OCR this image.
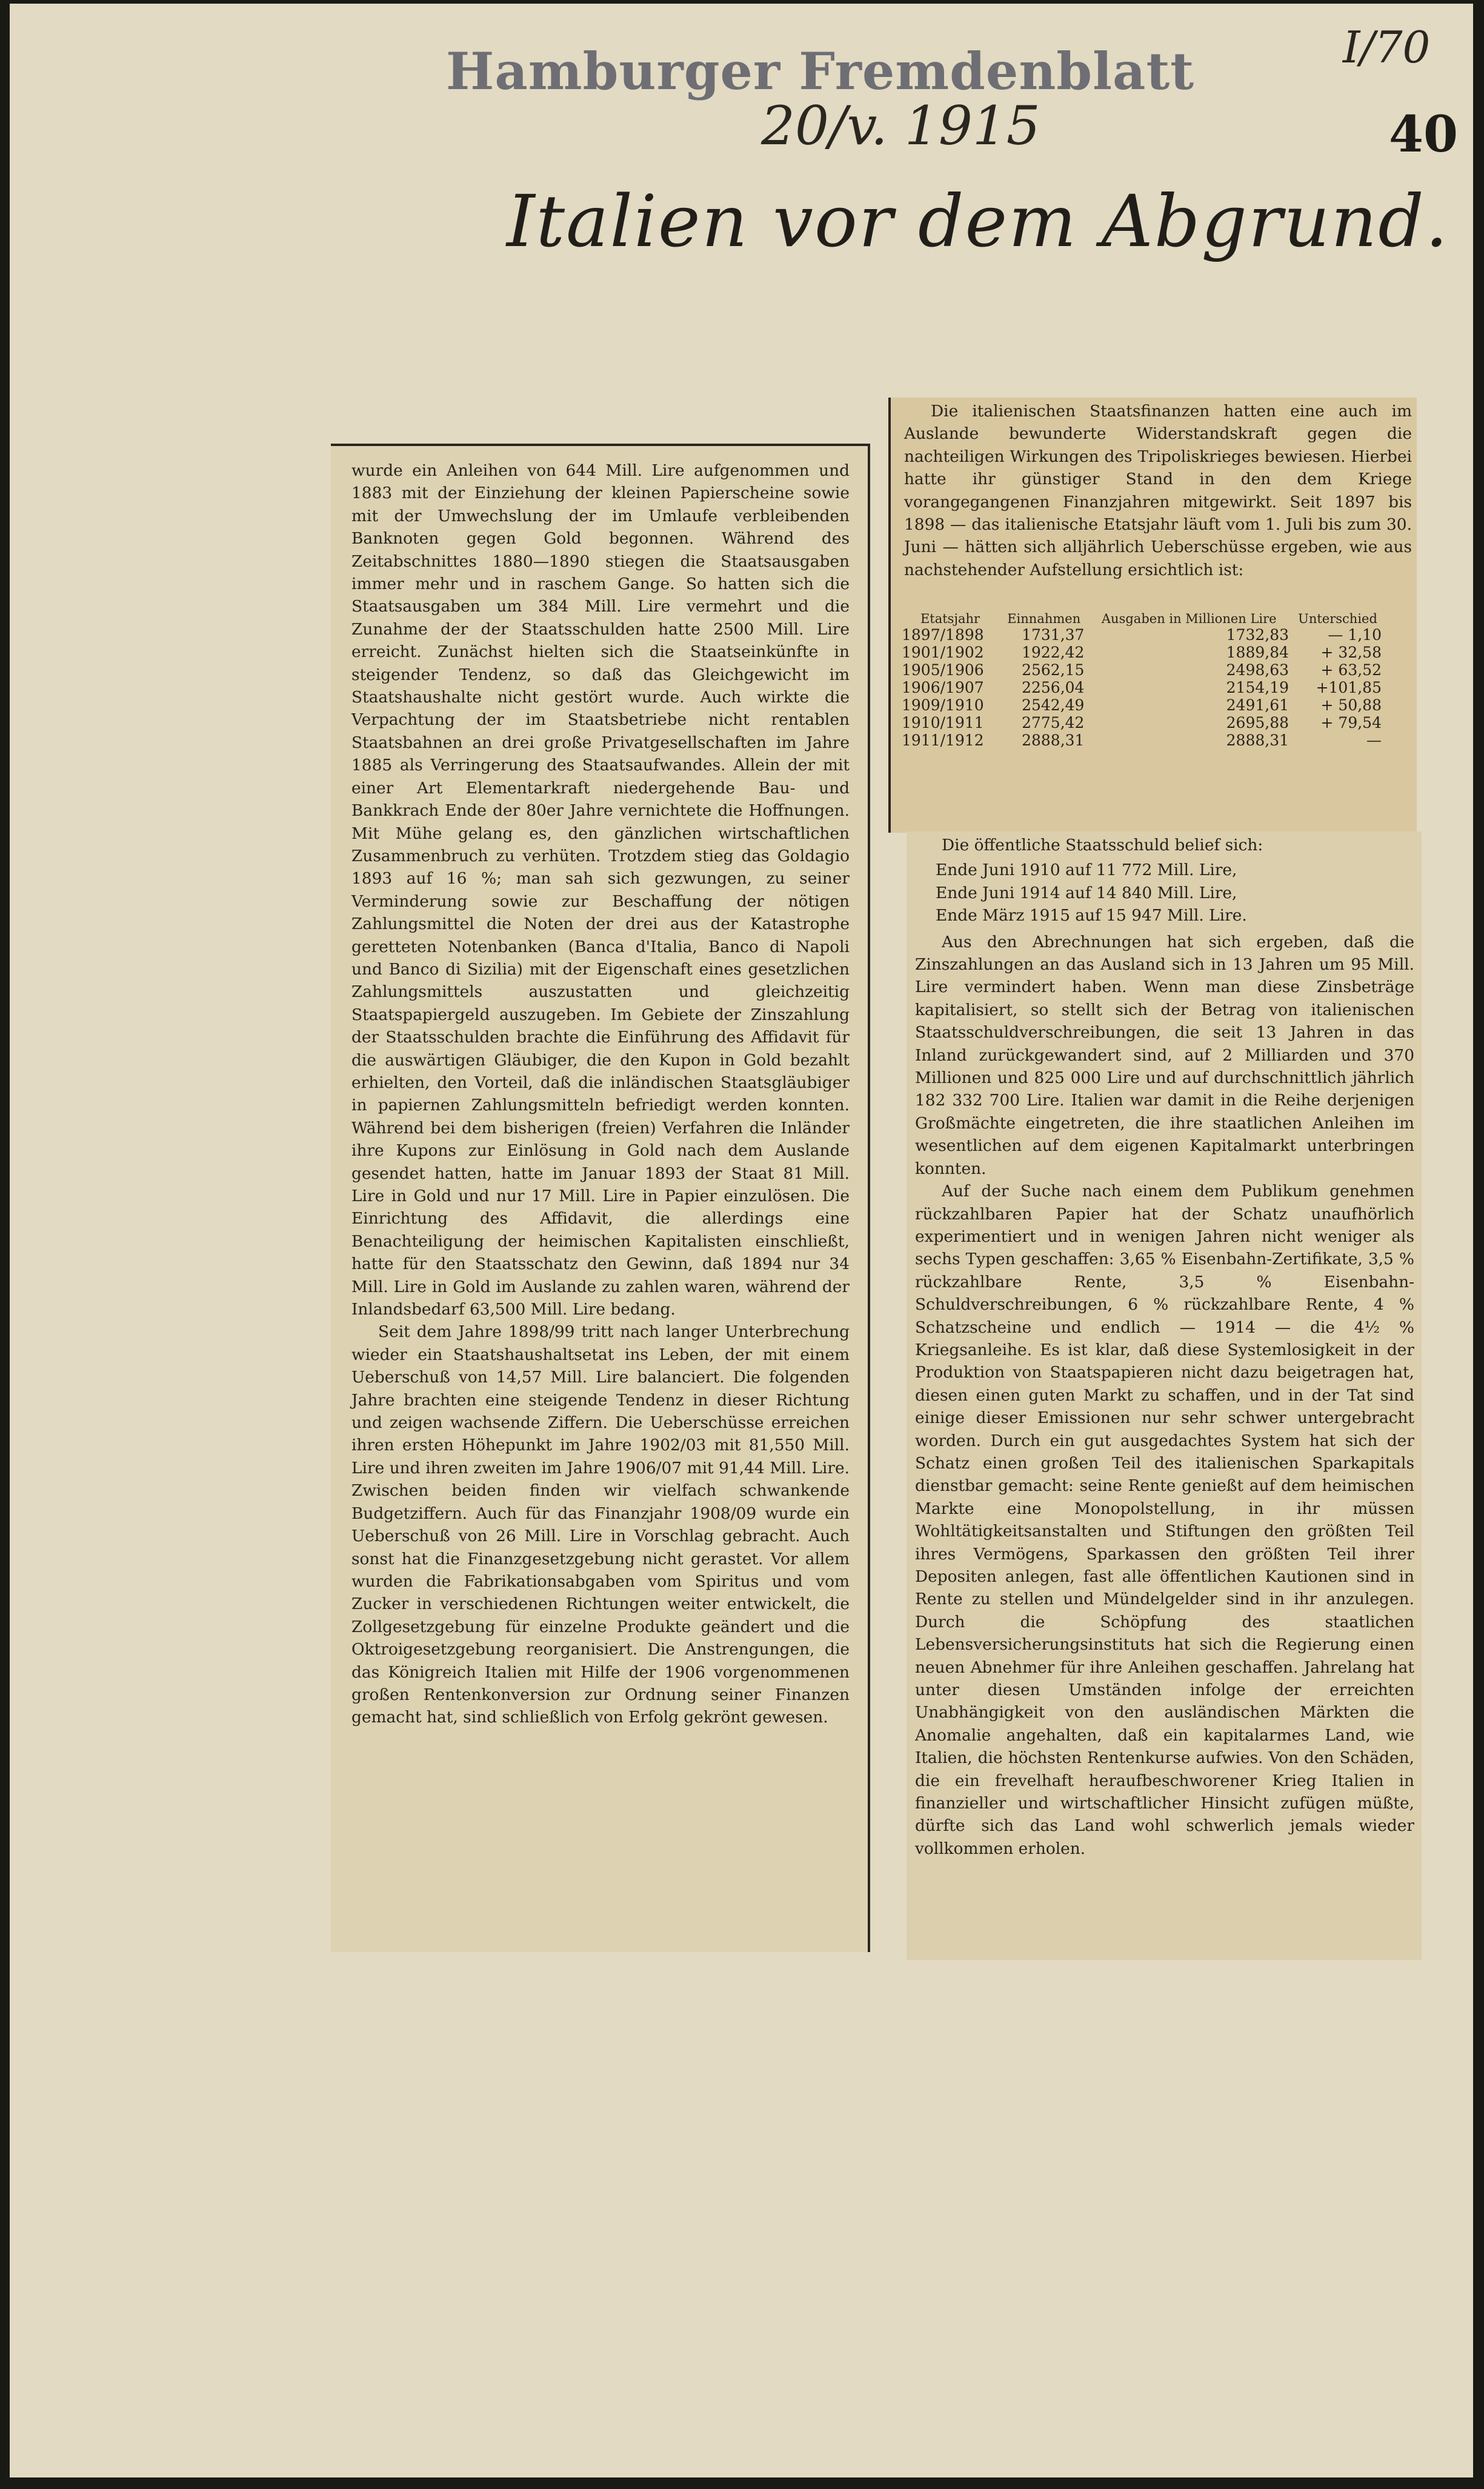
Hamburger Fremdenblatt
20/v. 1915	40
I/70
Italien vor dem Abgrund.

wurde ein Anleihen von 644 Mill. Lire aufgenommen und 1883 mit der Einziehung der kleinen Papierscheine sowie mit der Umwechslung der im Umlaufe verbleibenden Banknoten gegen Gold begonnen. Während des Zeitabschnittes 1880—1890 stiegen die Staatsausgaben immer mehr und in raschem Gange. So hatten sich die Staatsausgaben um 384 Mill. Lire vermehrt und die Zunahme der der Staatsschulden hatte 2500 Mill. Lire erreicht. Zunächst hielten sich die Staatseinkünfte in steigender Tendenz, so daß das Gleichgewicht im Staatshaushalte nicht gestört wurde. Auch wirkte die Verpachtung der im Staatsbetriebe nicht rentablen Staatsbahnen an drei große Privatgesellschaften im Jahre 1885 als Verringerung des Staatsaufwandes. Allein der mit einer Art Elementarkraft niedergehende Bau- und Bankkrach Ende der 80er Jahre vernichtete die Hoffnungen. Mit Mühe gelang es, den gänzlichen wirtschaftlichen Zusammenbruch zu verhüten. Trotzdem stieg das Goldagio 1893 auf 16 %; man sah sich gezwungen, zu seiner Verminderung sowie zur Beschaffung der nötigen Zahlungsmittel die Noten der drei aus der Katastrophe geretteten Notenbanken (Banca d'Italia, Banco di Napoli und Banco di Sizilia) mit der Eigenschaft eines gesetzlichen Zahlungsmittels auszustatten und gleichzeitig Staatspapiergeld auszugeben. Im Gebiete der Zinszahlung der Staatsschulden brachte die Einführung des Affidavit für die auswärtigen Gläubiger, die den Kupon in Gold bezahlt erhielten, den Vorteil, daß die inländischen Staatsgläubiger in papiernen Zahlungsmitteln befriedigt werden konnten. Während bei dem bisherigen (freien) Verfahren die Inländer ihre Kupons zur Einlösung in Gold nach dem Auslande gesendet hatten, hatte im Januar 1893 der Staat 81 Mill. Lire in Gold und nur 17 Mill. Lire in Papier einzulösen. Die Einrichtung des Affidavit, die allerdings eine Benachteiligung der heimischen Kapitalisten einschließt, hatte für den Staatsschatz den Gewinn, daß 1894 nur 34 Mill. Lire in Gold im Auslande zu zahlen waren, während der Inlandsbedarf 63,500 Mill. Lire bedang.

Seit dem Jahre 1898/99 tritt nach langer Unterbrechung wieder ein Staatshaushaltsetat ins Leben, der mit einem Ueberschuß von 14,57 Mill. Lire balanciert. Die folgenden Jahre brachten eine steigende Tendenz in dieser Richtung und zeigen wachsende Ziffern. Die Ueberschüsse erreichen ihren ersten Höhepunkt im Jahre 1902/03 mit 81,550 Mill. Lire und ihren zweiten im Jahre 1906/07 mit 91,44 Mill. Lire. Zwischen beiden finden wir vielfach schwankende Budgetziffern. Auch für das Finanzjahr 1908/09 wurde ein Ueberschuß von 26 Mill. Lire in Vorschlag gebracht. Auch sonst hat die Finanzgesetzgebung nicht gerastet. Vor allem wurden die Fabrikationsabgaben vom Spiritus und vom Zucker in verschiedenen Richtungen weiter entwickelt, die Zollgesetzgebung für einzelne Produkte geändert und die Oktroigesetzgebung reorganisiert. Die Anstrengungen, die das Königreich Italien mit Hilfe der 1906 vorgenommenen großen Rentenkonversion zur Ordnung seiner Finanzen gemacht hat, sind schließlich von Erfolg gekrönt gewesen.

Die italienischen Staatsfinanzen hatten eine auch im Auslande bewunderte Widerstandskraft gegen die nachteiligen Wirkungen des Tripoliskrieges bewiesen. Hierbei hatte ihr günstiger Stand in den dem Kriege vorangegangenen Finanzjahren mitgewirkt. Seit 1897 bis 1898 — das italienische Etatsjahr läuft vom 1. Juli bis zum 30. Juni — hätten sich alljährlich Ueberschüsse ergeben, wie aus nachstehender Aufstellung ersichtlich ist:

Etatsjahr	Einnahmen	Ausgaben in Millionen Lire	Unterschied
1897/1898	1731,37	1732,83	— 1,10
1901/1902	1922,42	1889,84	+ 32,58
1905/1906	2562,15	2498,63	+ 63,52
1906/1907	2256,04	2154,19	+101,85
1909/1910	2542,49	2491,61	+ 50,88
1910/1911	2775,42	2695,88	+ 79,54
1911/1912	2888,31	2888,31	—

Die öffentliche Staatsschuld belief sich:

Ende Juni 1910 auf 11 772 Mill. Lire,
Ende Juni 1914 auf 14 840 Mill. Lire,
Ende März 1915 auf 15 947 Mill. Lire.

Aus den Abrechnungen hat sich ergeben, daß die Zinszahlungen an das Ausland sich in 13 Jahren um 95 Mill. Lire vermindert haben. Wenn man diese Zinsbeträge kapitalisiert, so stellt sich der Betrag von italienischen Staatsschuldverschreibungen, die seit 13 Jahren in das Inland zurückgewandert sind, auf 2 Milliarden und 370 Millionen und 825 000 Lire und auf durchschnittlich jährlich 182 332 700 Lire. Italien war damit in die Reihe derjenigen Großmächte eingetreten, die ihre staatlichen Anleihen im wesentlichen auf dem eigenen Kapitalmarkt unterbringen konnten.

Auf der Suche nach einem dem Publikum genehmen rückzahlbaren Papier hat der Schatz unaufhörlich experimentiert und in wenigen Jahren nicht weniger als sechs Typen geschaffen: 3,65 % Eisenbahn-Zertifikate, 3,5 % rückzahlbare Rente, 3,5 % Eisenbahn-Schuldverschreibungen, 6 % rückzahlbare Rente, 4 % Schatzscheine und endlich — 1914 — die 4½ % Kriegsanleihe. Es ist klar, daß diese Systemlosigkeit in der Produktion von Staatspapieren nicht dazu beigetragen hat, diesen einen guten Markt zu schaffen, und in der Tat sind einige dieser Emissionen nur sehr schwer untergebracht worden. Durch ein gut ausgedachtes System hat sich der Schatz einen großen Teil des italienischen Sparkapitals dienstbar gemacht: seine Rente genießt auf dem heimischen Markte eine Monopolstellung, in ihr müssen Wohltätigkeitsanstalten und Stiftungen den größten Teil ihres Vermögens, Sparkassen den größten Teil ihrer Depositen anlegen, fast alle öffentlichen Kautionen sind in Rente zu stellen und Mündelgelder sind in ihr anzulegen. Durch die Schöpfung des staatlichen Lebensversicherungsinstituts hat sich die Regierung einen neuen Abnehmer für ihre Anleihen geschaffen. Jahrelang hat unter diesen Umständen infolge der erreichten Unabhängigkeit von den ausländischen Märkten die Anomalie angehalten, daß ein kapitalarmes Land, wie Italien, die höchsten Rentenkurse aufwies. Von den Schäden, die ein frevelhaft heraufbeschworener Krieg Italien in finanzieller und wirtschaftlicher Hinsicht zufügen müßte, dürfte sich das Land wohl schwerlich jemals wieder vollkommen erholen.
